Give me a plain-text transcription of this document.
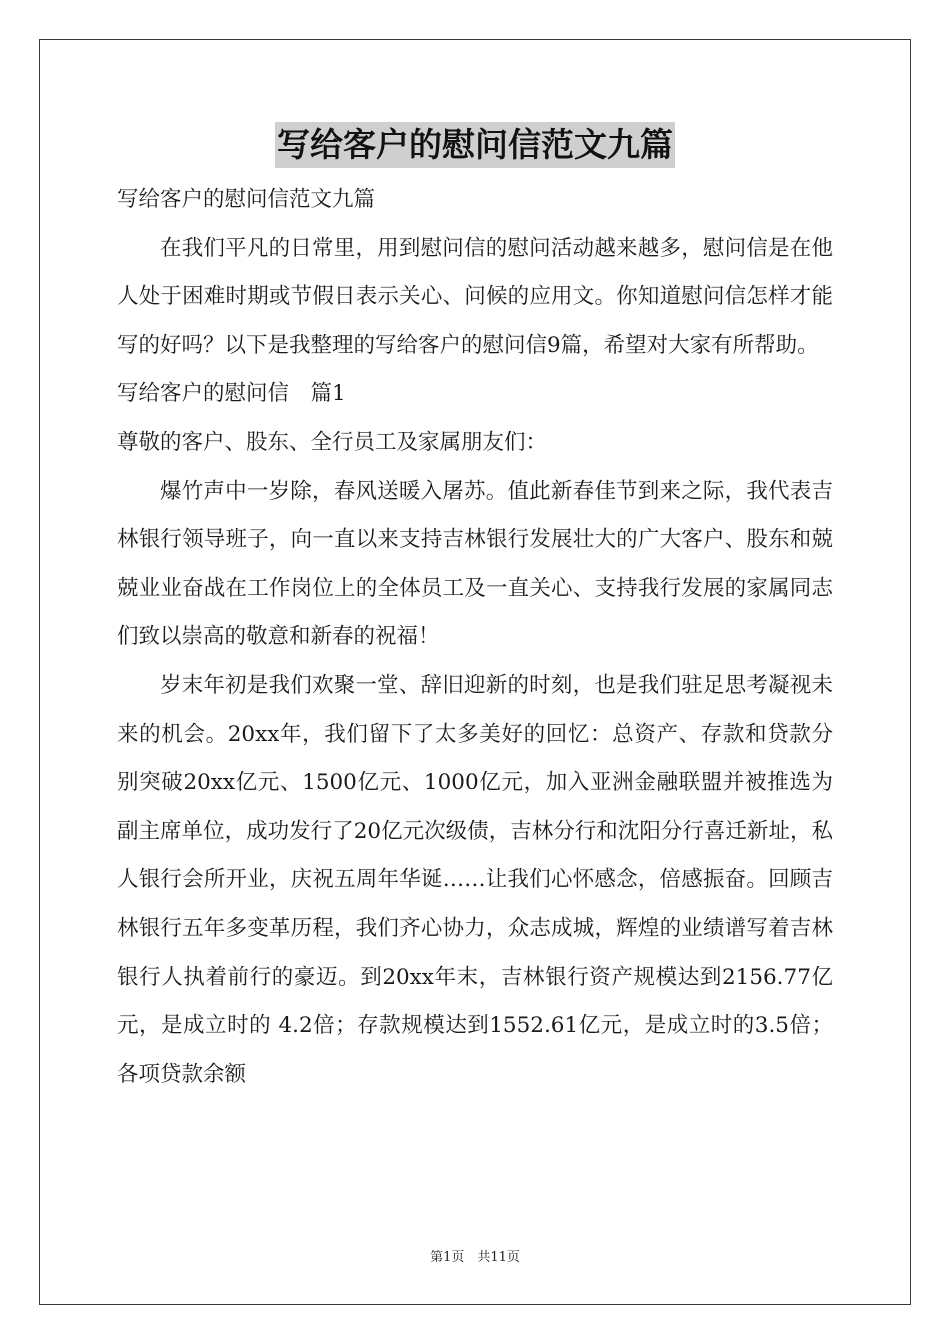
写给客户的慰问信范文九篇

写给客户的慰问信范文九篇

在我们平凡的日常里，用到慰问信的慰问活动越来越多，慰问信是在他人处于困难时期或节假日表示关心、问候的应用文。你知道慰问信怎样才能写的好吗？以下是我整理的写给客户的慰问信9篇，希望对大家有所帮助。

写给客户的慰问信　篇1

尊敬的客户、股东、全行员工及家属朋友们：

爆竹声中一岁除，春风送暖入屠苏。值此新春佳节到来之际，我代表吉林银行领导班子，向一直以来支持吉林银行发展壮大的广大客户、股东和兢兢业业奋战在工作岗位上的全体员工及一直关心、支持我行发展的家属同志们致以崇高的敬意和新春的祝福！

岁末年初是我们欢聚一堂、辞旧迎新的时刻，也是我们驻足思考凝视未来的机会。20xx年，我们留下了太多美好的回忆：总资产、存款和贷款分别突破20xx亿元、1500亿元、1000亿元，加入亚洲金融联盟并被推选为副主席单位，成功发行了20亿元次级债，吉林分行和沈阳分行喜迁新址，私人银行会所开业，庆祝五周年华诞……让我们心怀感念，倍感振奋。回顾吉林银行五年多变革历程，我们齐心协力，众志成城，辉煌的业绩谱写着吉林银行人执着前行的豪迈。到20xx年末，吉林银行资产规模达到2156.77亿元，是成立时的 4.2倍；存款规模达到1552.61亿元，是成立时的3.5倍；各项贷款余额

第1页　共11页
